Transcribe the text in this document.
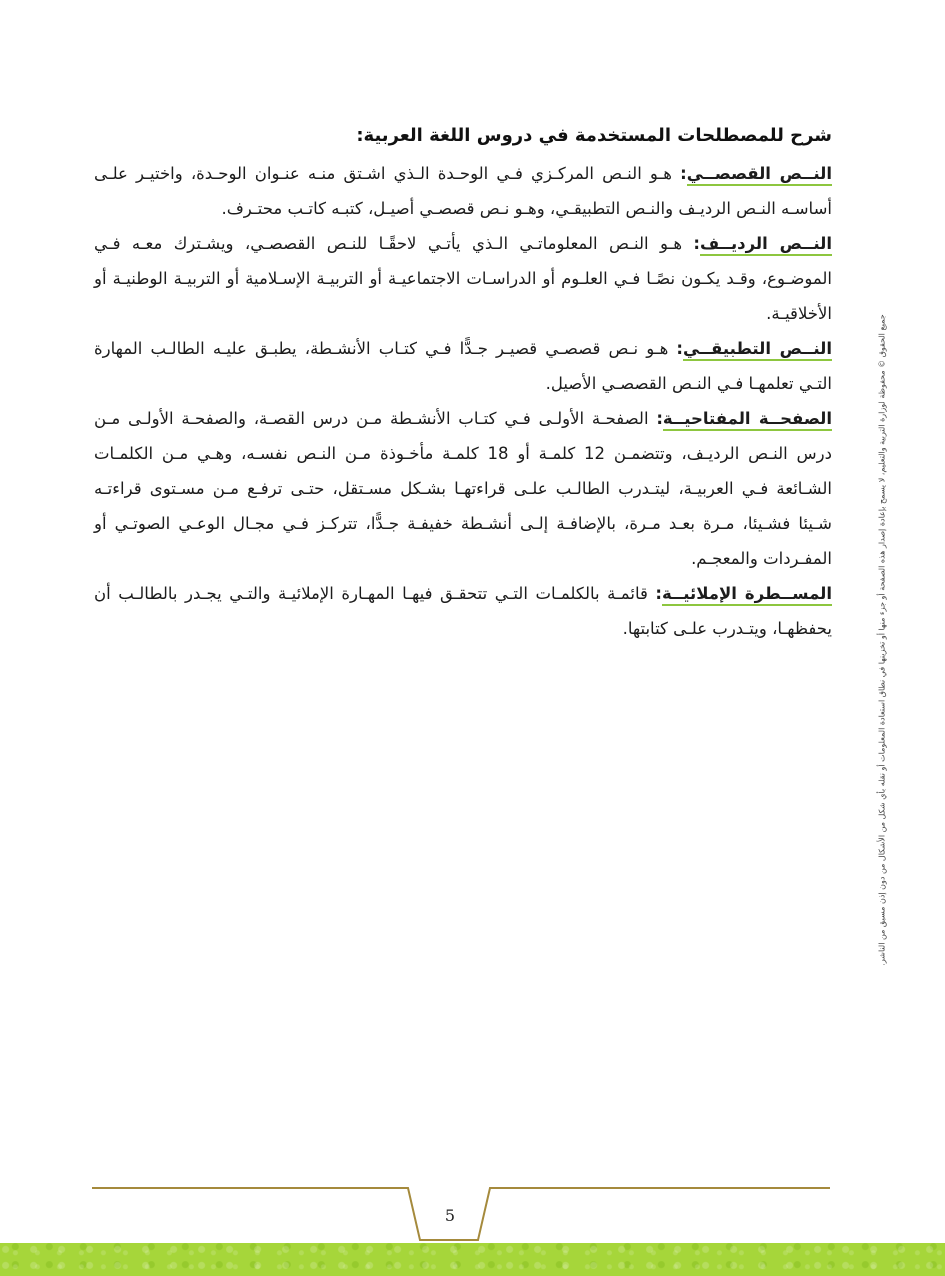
شرح للمصطلحات المستخدمة في دروس اللغة العربية:

النــص القصصــي: هـو النـص المركـزي فـي الوحـدة الـذي اشـتق منـه عنـوان الوحـدة، واختيـر علـى أساسـه النـص الرديـف والنـص التطبيقـي، وهـو نـص قصصـي أصيـل، كتبـه كاتـب محتـرف.

النــص الرديــف: هـو النـص المعلوماتـي الـذي يأتـي لاحقًـا للنـص القصصـي، ويشـترك معـه فـي الموضـوع، وقـد يكـون نصًـا فـي العلـوم أو الدراسـات الاجتماعيـة أو التربيـة الإسـلامية أو التربيـة الوطنيـة أو الأخلاقيـة.

النــص التطبيقــي: هـو نـص قصصـي قصيـر جـدًّا فـي كتـاب الأنشـطة، يطبـق عليـه الطالـب المهارة التـي تعلمهـا فـي النـص القصصـي الأصيل.

الصفحــة المفتاحيــة: الصفحـة الأولـى فـي كتـاب الأنشـطة مـن درس القصـة، والصفحـة الأولـى مـن درس النـص الرديـف، وتتضمـن 12 كلمـة أو 18 كلمـة مأخـوذة مـن النـص نفسـه، وهـي مـن الكلمـات الشـائعة فـي العربيـة، ليتـدرب الطالـب علـى قراءتهـا بشـكل مسـتقل، حتـى ترفـع مـن مسـتوى قراءتـه شـيئا فشـيئا، مـرة بعـد مـرة، بالإضافـة إلـى أنشـطة خفيفـة جـدًّا، تتركـز فـي مجـال الوعـي الصوتـي أو المفـردات والمعجـم.

المســطرة الإملائيــة: قائمـة بالكلمـات التـي تتحقـق فيهـا المهـارة الإملائيـة والتـي يجـدر بالطالـب أن يحفظهـا، ويتـدرب علـى كتابتها.	جميع الحقوق © محفوظة لوزارة التربية والتعليم، لا يسمح بإعادة إصدار هذه الصفحة أو جزء منها أو تخزينها في نطاق استعادة المعلومات أو نقله بأي شكل من الأشكال من دون إذن مسبق من الناشر.
5
